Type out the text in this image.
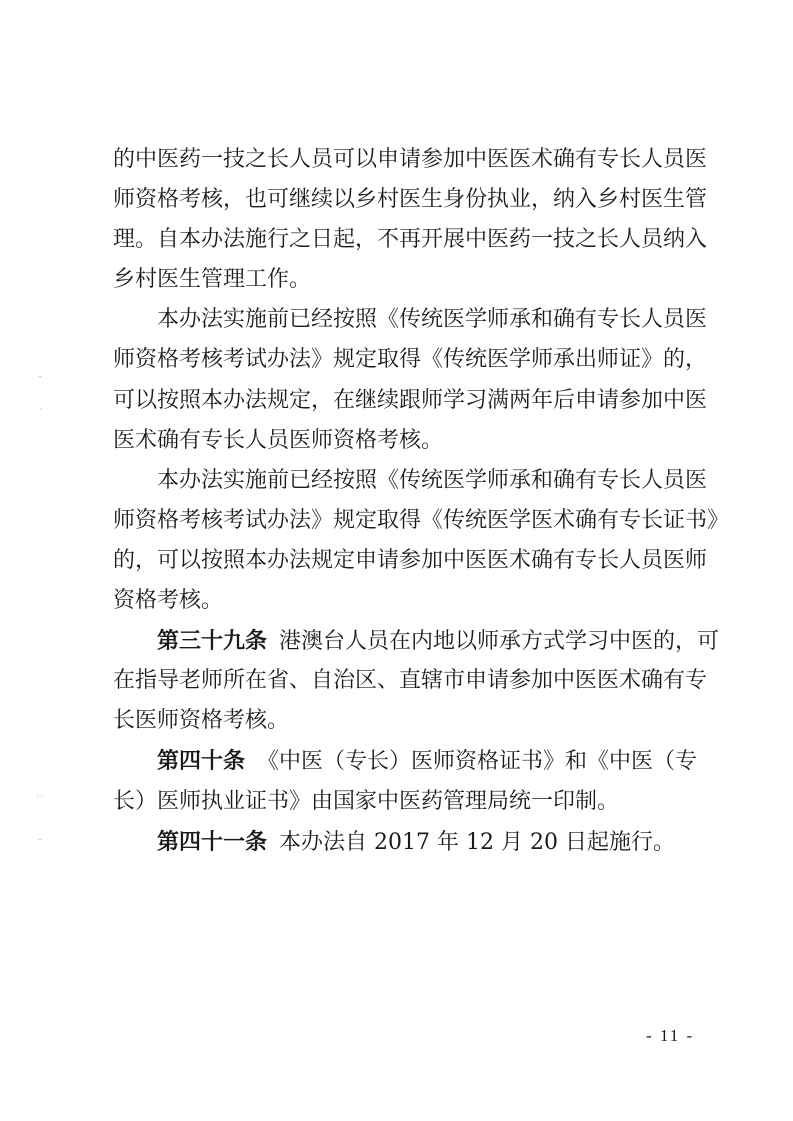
,,
'
' '
,,
的中医药一技之长人员可以申请参加中医医术确有专长人员医
师资格考核，也可继续以乡村医生身份执业，纳入乡村医生管
理。自本办法施行之日起，不再开展中医药一技之长人员纳入
乡村医生管理工作。
本办法实施前已经按照《传统医学师承和确有专长人员医
师资格考核考试办法》规定取得《传统医学师承出师证》的，
可以按照本办法规定，在继续跟师学习满两年后申请参加中医
医术确有专长人员医师资格考核。
本办法实施前已经按照《传统医学师承和确有专长人员医
师资格考核考试办法》规定取得《传统医学医术确有专长证书》
的，可以按照本办法规定申请参加中医医术确有专长人员医师
资格考核。
第三十九条 港澳台人员在内地以师承方式学习中医的，可
在指导老师所在省、自治区、直辖市申请参加中医医术确有专
长医师资格考核。
第四十条 《中医（专长）医师资格证书》和《中医（专
长）医师执业证书》由国家中医药管理局统一印制。
第四十一条 本办法自 2017 年 12 月 20 日起施行。
- 11 -
